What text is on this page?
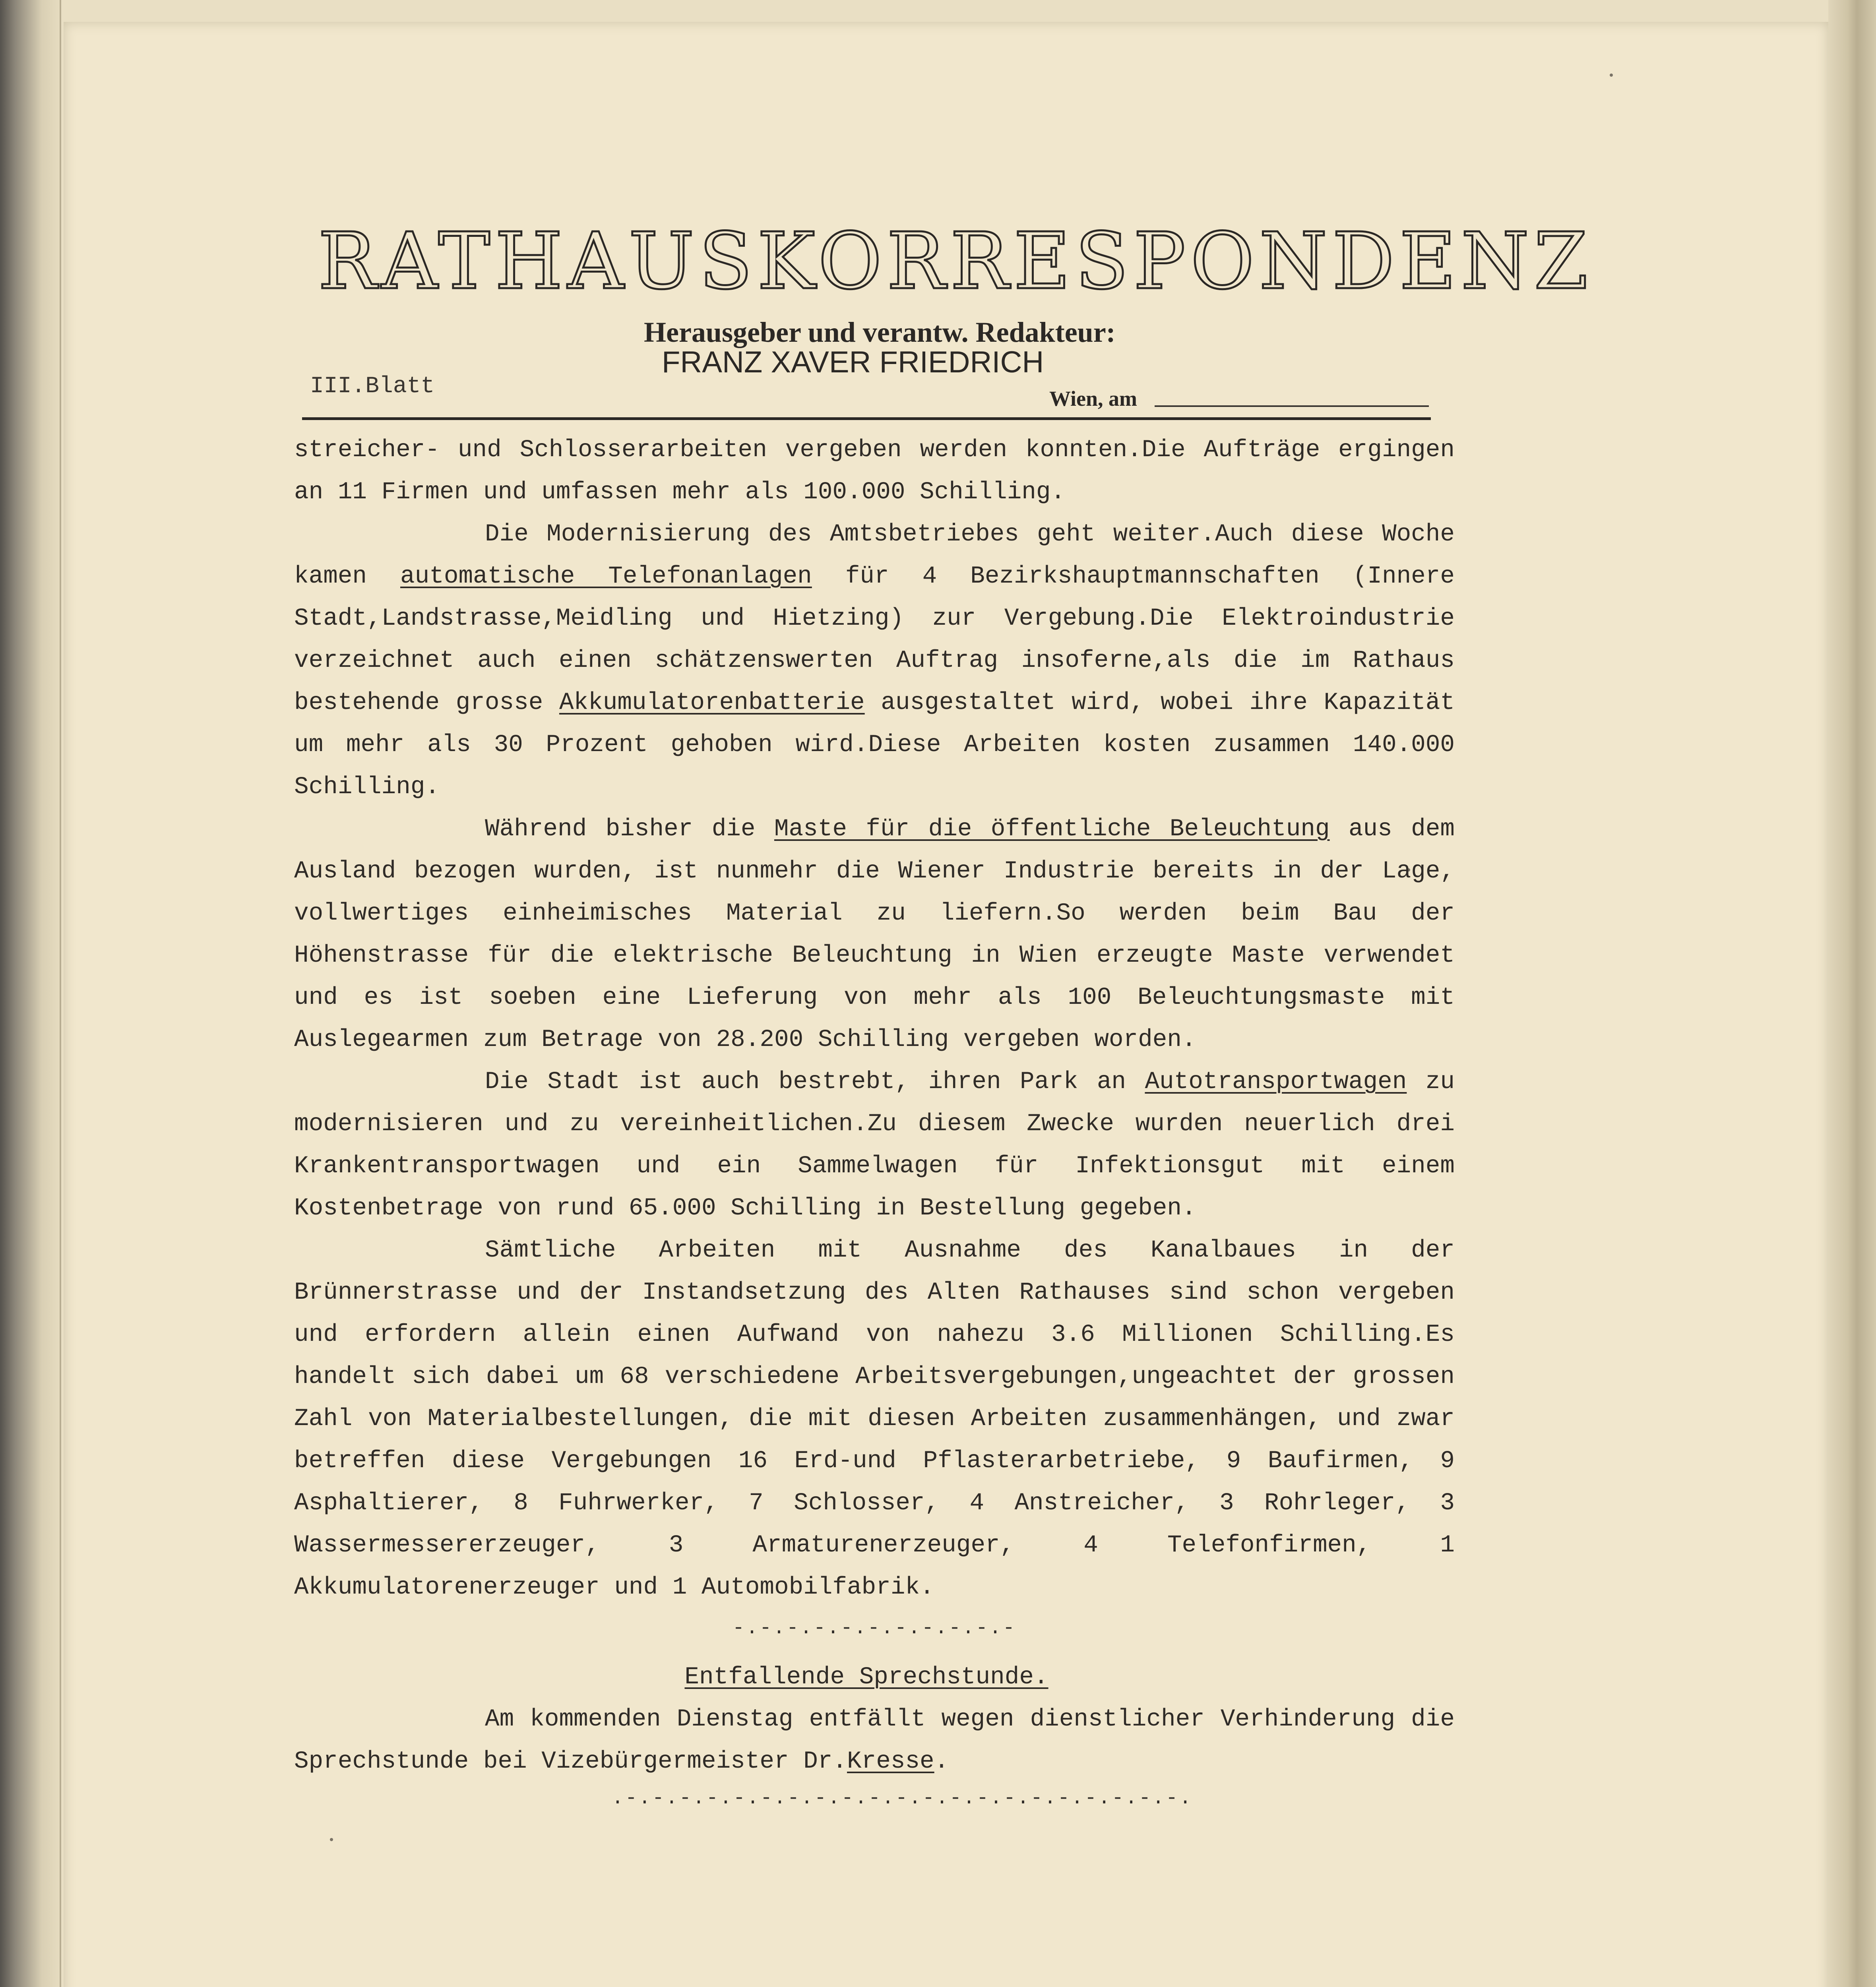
RATHAUSKORRESPONDENZ
Herausgeber und verantw. Redakteur:
FRANZ XAVER FRIEDRICH
III.Blatt	Wien, am

streicher- und Schlosserarbeiten vergeben werden konnten.Die Aufträge ergingen an 11 Firmen und umfassen mehr als 100.000 Schilling.

Die Modernisierung des Amtsbetriebes geht weiter.Auch diese Woche kamen automatische Telefonanlagen für 4 Bezirkshauptmannschaften (Innere Stadt,Landstrasse,Meidling und Hietzing) zur Vergebung.Die Elektroindustrie verzeichnet auch einen schätzenswerten Auftrag insoferne,als die im Rathaus bestehende grosse Akkumulatorenbatterie ausgestaltet wird, wobei ihre Kapazität um mehr als 30 Prozent gehoben wird.Diese Arbeiten kosten zusammen 140.000 Schilling.

Während bisher die Maste für die öffentliche Beleuchtung aus dem Ausland bezogen wurden, ist nunmehr die Wiener Industrie bereits in der Lage, vollwertiges einheimisches Material zu liefern.So werden beim Bau der Höhenstrasse für die elektrische Beleuchtung in Wien erzeugte Maste verwendet und es ist soeben eine Lieferung von mehr als 100 Beleuchtungsmaste mit Auslegearmen zum Betrage von 28.200 Schilling vergeben worden.

Die Stadt ist auch bestrebt, ihren Park an Autotransportwagen zu modernisieren und zu vereinheitlichen.Zu diesem Zwecke wurden neuerlich drei Krankentransportwagen und ein Sammelwagen für Infektionsgut mit einem Kostenbetrage von rund 65.000 Schilling in Bestellung gegeben.

Sämtliche Arbeiten mit Ausnahme des Kanalbaues in der Brünnerstrasse und der Instandsetzung des Alten Rathauses sind schon vergeben und erfordern allein einen Aufwand von nahezu 3.6 Millionen Schilling.Es handelt sich dabei um 68 verschiedene Arbeitsvergebungen,ungeachtet der grossen Zahl von Materialbestellungen, die mit diesen Arbeiten zusammenhängen, und zwar betreffen diese Vergebungen 16 Erd-und Pflasterarbetriebe, 9 Baufirmen, 9 Asphaltierer, 8 Fuhrwerker, 7 Schlosser, 4 Anstreicher, 3 Rohrleger, 3 Wassermessererzeuger, 3 Armaturenerzeuger, 4 Telefonfirmen, 1 Akkumulatorenerzeuger und 1 Automobilfabrik.

-.-.-.-.-.-.-.-.-.-.-
Entfallende Sprechstunde.

Am kommenden Dienstag entfällt wegen dienstlicher Verhinderung die Sprechstunde bei Vizebürgermeister Dr.Kresse.

.-.-.-.-.-.-.-.-.-.-.-.-.-.-.-.-.-.-.-.-.-.
